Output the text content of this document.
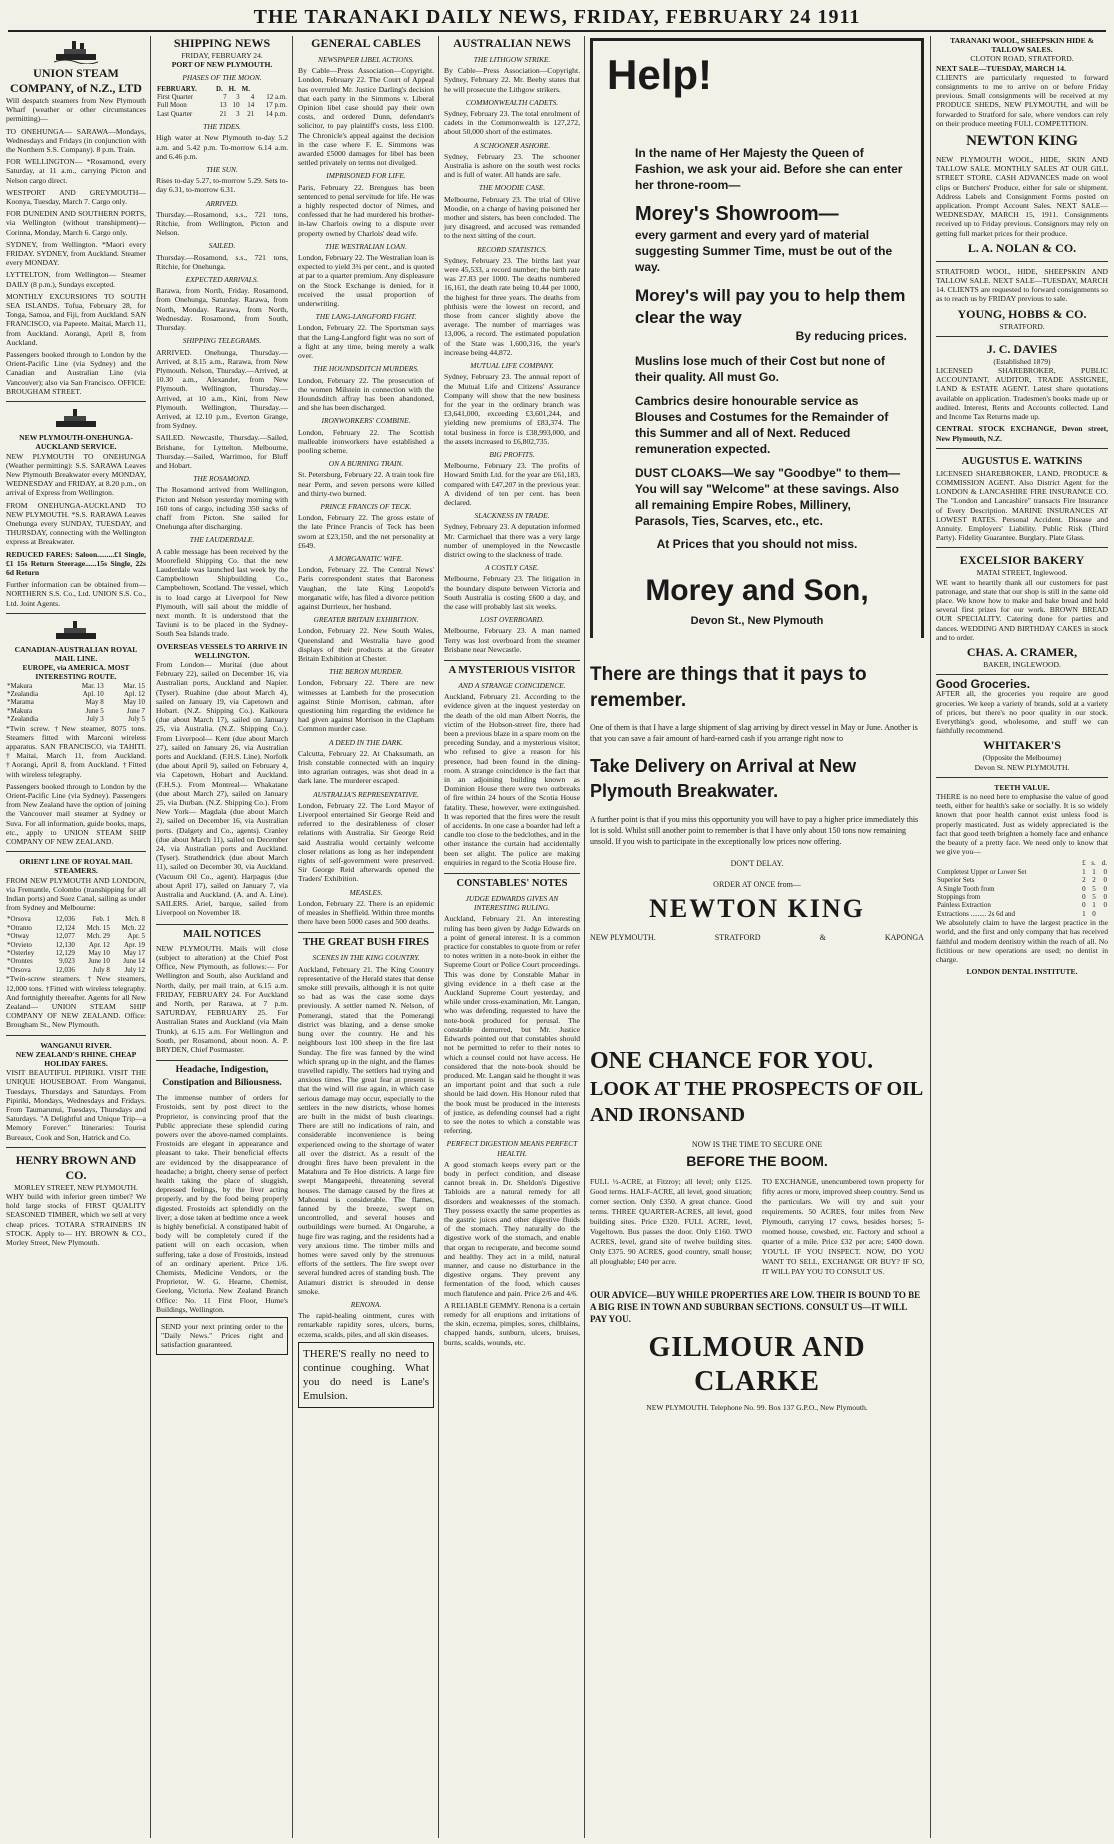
THE TARANAKI DAILY NEWS, FRIDAY, FEBRUARY 24 1911
UNION STEAM COMPANY, of N.Z., LTD

Will despatch steamers from New Plymouth Wharf (weather or other circumstances permitting)—

TO ONEHUNGA— SARAWA—Mondays, Wednesdays and Fridays (in conjunction with the Northern S.S. Company). 8 p.m. Train.

FOR WELLINGTON— *Rosamond, every Saturday, at 11 a.m., carrying Picton and Nelson cargo direct.

WESTPORT AND GREYMOUTH— Koonya, Tuesday, March 7. Cargo only.

FOR DUNEDIN AND SOUTHERN PORTS, via Wellington (without transhipment)— Corinna, Monday, March 6. Cargo only.

SYDNEY, from Wellington. *Maori every FRIDAY. SYDNEY, from Auckland. Steamer every MONDAY.

LYTTELTON, from Wellington— Steamer DAILY (8 p.m.), Sundays excepted.

MONTHLY EXCURSIONS TO SOUTH SEA ISLANDS. Tofua, February 28, for Tonga, Samoa, and Fiji, from Auckland. SAN FRANCISCO, via Papeete. Maitai, March 11, from Auckland. Aorangi, April 8, from Auckland.

Passengers booked through to London by the Orient-Pacific Line (via Sydney) and the Canadian and Australian Line (via Vancouver); also via San Francisco. OFFICE: BROUGHAM STREET.

NEW PLYMOUTH-ONEHUNGA-AUCKLAND SERVICE.

NEW PLYMOUTH TO ONEHUNGA (Weather permitting): S.S. SARAWA Leaves New Plymouth Breakwater every MONDAY, WEDNESDAY and FRIDAY, at 8.20 p.m., on arrival of Express from Wellington.

FROM ONEHUNGA-AUCKLAND TO NEW PLYMOUTH. *S.S. RARAWA Leaves Onehunga every SUNDAY, TUESDAY, and THURSDAY, connecting with the Wellington express at Breakwater.

REDUCED FARES: Saloon.........£1 Single, £1 15s Return Steerage......15s Single, 22s 6d Return

Further information can be obtained from— NORTHERN S.S. Co., Ltd. UNION S.S. Co., Ltd. Joint Agents.

CANADIAN-AUSTRALIAN ROYAL MAIL LINE.
EUROPE, via AMERICA. MOST INTERESTING ROUTE.
*Makura	Mar. 13	Mar. 15
*Zealandia	Apl. 10	Apl. 12
*Marama	May 8	May 10
*Makura	June 5	June 7
*Zealandia	July 3	July 5

*Twin screw. †New steamer, 8075 tons. Steamers fitted with Marconi wireless apparatus. SAN FRANCISCO, via TAHITI. †Maitai, March 11, from Auckland. †Aorangi, April 8, from Auckland. †Fitted with wireless telegraphy.

Passengers booked through to London by the Orient-Pacific Line (via Sydney). Passengers from New Zealand have the option of joining the Vancouver mail steamer at Sydney or Suva. For all information, guide books, maps, etc., apply to UNION STEAM SHIP COMPANY OF NEW ZEALAND.

ORIENT LINE OF ROYAL MAIL STEAMERS.

FROM NEW PLYMOUTH AND LONDON, via Fremantle, Colombo (transhipping for all Indian ports) and Suez Canal, sailing as under from Sydney and Melbourne:

*Orsova	12,036	Feb. 1	Mch. 8
*Otranto	12,124	Mch. 15	Mch. 22
*Otway	12,077	Mch. 29	Apr. 5
*Orvieto	12,130	Apr. 12	Apr. 19
*Osterley	12,129	May 10	May 17
*Orontes	9,023	June 10	June 14
*Orsova	12,036	July 8	July 12

*Twin-screw steamers. †New steamers, 12,000 tons. †Fitted with wireless telegraphy. And fortnightly thereafter. Agents for all New Zealand— UNION STEAM SHIP COMPANY OF NEW ZEALAND. Office: Brougham St., New Plymouth.

WANGANUI RIVER.
NEW ZEALAND'S RHINE. CHEAP HOLIDAY FARES.

VISIT BEAUTIFUL PIPIRIKI. VISIT THE UNIQUE HOUSEBOAT. From Wanganui, Tuesdays, Thursdays and Saturdays. From Pipiriki, Mondays, Wednesdays and Fridays. From Taumarunui, Tuesdays, Thursdays and Saturdays. "A Delightful and Unique Trip—a Memory Forever." Itineraries: Tourist Bureaux, Cook and Son, Hatrick and Co.

HENRY BROWN AND CO.
MORLEY STREET, NEW PLYMOUTH.

WHY build with inferior green timber? We hold large stocks of FIRST QUALITY SEASONED TIMBER, which we sell at very cheap prices. TOTARA STRAINERS IN STOCK. Apply to— HY. BROWN & CO., Morley Street, New Plymouth.

SHIPPING NEWS
FRIDAY, FEBRUARY 24.
PORT OF NEW PLYMOUTH.
PHASES OF THE MOON.
FEBRUARY.	D.	H.	M.	
First Quarter	7	3	4	12 a.m.
Full Moon	13	10	14	17 p.m.
Last Quarter	21	3	21	14 p.m.
THE TIDES.

High water at New Plymouth to-day 5.2 a.m. and 5.42 p.m. To-morrow 6.14 a.m. and 6.46 p.m.

THE SUN.

Rises to-day 5.27, to-morrow 5.29. Sets to-day 6.31, to-morrow 6.31.

ARRIVED.

Thursday.—Rosamond, s.s., 721 tons, Ritchie, from Wellington, Picton and Nelson.

SAILED.

Thursday.—Rosamond, s.s., 721 tons, Ritchie, for Onehunga.

EXPECTED ARRIVALS.

Rarawa, from North, Friday. Rosamond, from Onehunga, Saturday. Rarawa, from North, Monday. Rarawa, from North, Wednesday. Rosamond, from South, Thursday.

SHIPPING TELEGRAMS.

ARRIVED. Onehunga, Thursday.—Arrived, at 8.15 a.m., Rarawa, from New Plymouth. Nelson, Thursday.—Arrived, at 10.30 a.m., Alexander, from New Plymouth. Wellington, Thursday.—Arrived, at 10 a.m., Kini, from New Plymouth. Wellington, Thursday.—Arrived, at 12.10 p.m., Everton Grange, from Sydney.

SAILED. Newcastle, Thursday.—Sailed, Brisbane, for Lyttelton. Melbourne, Thursday.—Sailed, Warrimoo, for Bluff and Hobart.

THE ROSAMOND.

The Rosamond arrived from Wellington, Picton and Nelson yesterday morning with 160 tons of cargo, including 350 sacks of chaff from Picton. She sailed for Onehunga after discharging.

THE LAUDERDALE.

A cable message has been received by the Moorefield Shipping Co. that the new Lauderdale was launched last week by the Campbeltown Shipbuilding Co., Campbeltown, Scotland. The vessel, which is to load cargo at Liverpool for New Plymouth, will sail about the middle of next month. It is understood that the Taviuni is to be placed in the Sydney-South Sea Islands trade.

OVERSEAS VESSELS TO ARRIVE IN WELLINGTON.

From London— Muritai (due about February 22), sailed on December 16, via Australian ports, Auckland and Napier. (Tyser). Ruahine (due about March 4), sailed on January 19, via Capetown and Hobart. (N.Z. Shipping Co.). Kaikoura (due about March 17), sailed on January 25, via Australia. (N.Z. Shipping Co.). From Liverpool— Kent (due about March 27), sailed on January 26, via Australian ports and Auckland. (F.H.S. Line). Norfolk (due about April 9), sailed on February 4, via Capetown, Hobart and Auckland. (F.H.S.). From Montreal— Whakatane (due about March 27), sailed on January 25, via Durban. (N.Z. Shipping Co.). From New York— Magdala (due about March 2), sailed on December 16, via Australian ports. (Dalgety and Co., agents). Cranley (due about March 11), sailed on December 24, via Australian ports and Auckland. (Tyser). Strathendrick (due about March 11), sailed on December 30, via Auckland. (Vacuum Oil Co., agent). Harpagus (due about April 17), sailed on January 7, via Australia and Auckland. (A. and A. Line). SAILERS. Ariel, barque, sailed from Liverpool on November 18.

MAIL NOTICES

NEW PLYMOUTH. Mails will close (subject to alteration) at the Chief Post Office, New Plymouth, as follows:— For Wellington and South, also Auckland and North, daily, per mail train, at 6.15 a.m. FRIDAY, FEBRUARY 24. For Auckland and North, per Rarawa, at 7 p.m. SATURDAY, FEBRUARY 25. For Australian States and Auckland (via Main Trunk), at 6.15 a.m. For Wellington and South, per Rosamond, about noon. A. P. BRYDEN, Chief Postmaster.

Headache, Indigestion, Constipation and Biliousness.

The immense number of orders for Frostoids, sent by post direct to the Proprietor, is convincing proof that the Public appreciate these splendid curing powers over the above-named complaints. Frostoids are elegant in appearance and pleasant to take. Their beneficial effects are evidenced by the disappearance of headache; a bright, cheery sense of perfect health taking the place of sluggish, depressed feelings, by the liver acting properly, and by the food being properly digested. Frostoids act splendidly on the liver; a dose taken at bedtime once a week is highly beneficial. A constipated habit of body will be completely cured if the patient will on each occasion, when suffering, take a dose of Frostoids, instead of an ordinary aperient. Price 1/6. Chemists, Medicine Vendors, or the Proprietor, W. G. Hearne, Chemist, Geelong, Victoria. New Zealand Branch Office: No. 11 First Floor, Hume's Buildings, Wellington.

SEND your next printing order to the "Daily News." Prices right and satisfaction guaranteed.

GENERAL CABLES
NEWSPAPER LIBEL ACTIONS.

By Cable—Press Association—Copyright. London, February 22. The Court of Appeal has overruled Mr. Justice Darling's decision that each party in the Simmons v. Liberal Opinion libel case should pay their own costs, and ordered Dunn, defendant's solicitor, to pay plaintiff's costs, less £100. The Chronicle's appeal against the decision in the case where F. E. Simmons was awarded £5000 damages for libel has been settled privately on terms not divulged.

IMPRISONED FOR LIFE.

Paris, February 22. Brengues has been sentenced to penal servitude for life. He was a highly respected doctor of Nimes, and confessed that he had murdered his brother-in-law Charlois owing to a dispute over property owned by Charlois' dead wife.

THE WESTRALIAN LOAN.

London, February 22. The Westralian loan is expected to yield 3¾ per cent., and is quoted at par to a quarter premium. Any displeasure on the Stock Exchange is denied, for it received the usual proportion of underwriting.

THE LANG-LANGFORD FIGHT.

London, February 22. The Sportsman says that the Lang-Langford fight was no sort of a fight at any time, being merely a walk over.

THE HOUNDSDITCH MURDERS.

London, February 22. The prosecution of the women Milstein in connection with the Houndsditch affray has been abandoned, and she has been discharged.

IRONWORKERS' COMBINE.

London, February 22. The Scottish malleable ironworkers have established a pooling scheme.

ON A BURNING TRAIN.

St. Petersburg, February 22. A train took fire near Perm, and seven persons were killed and thirty-two burned.

PRINCE FRANCIS OF TECK.

London, February 22. The gross estate of the late Prince Francis of Teck has been sworn at £23,150, and the net personality at £649.

A MORGANATIC WIFE.

London, February 22. The Central News' Paris correspondent states that Baroness Vaughan, the late King Leopold's morganatic wife, has filed a divorce petition against Durrieux, her husband.

GREATER BRITAIN EXHIBITION.

London, February 22. New South Wales, Queensland and Westralia have good displays of their products at the Greater Britain Exhibition at Chester.

THE BERON MURDER.

London, February 22. There are new witnesses at Lambeth for the prosecution against Stinie Morrison, cabman, after questioning him regarding the evidence he had given against Morrison in the Clapham Common murder case.

A DEED IN THE DARK.

Calcutta, February 22. At Chaksumath, an Irish constable connected with an inquiry into agrarian outrages, was shot dead in a dark lane. The murderer escaped.

AUSTRALIA'S REPRESENTATIVE.

London, February 22. The Lord Mayor of Liverpool entertained Sir George Reid and referred to the desirableness of closer relations with Australia. Sir George Reid said Australia would certainly welcome closer relations as long as her independent rights of self-government were preserved. Sir George Reid afterwards opened the Traders' Exhibition.

MEASLES.

London, February 22. There is an epidemic of measles in Sheffield. Within three months there have been 5000 cases and 500 deaths.

THE GREAT BUSH FIRES
SCENES IN THE KING COUNTRY.

Auckland, February 21. The King Country representative of the Herald states that dense smoke still prevails, although it is not quite so bad as was the case some days previously. A settler named N. Nelson, of Pomerangi, stated that the Pomerangi district was blazing, and a dense smoke hung over the country. He and his neighbours lost 100 sheep in the fire last Sunday. The fire was fanned by the wind which sprang up in the night, and the flames travelled rapidly. The settlers had trying and anxious times. The great fear at present is that the wind will rise again, in which case serious damage may occur, especially to the settlers in the new districts, whose homes are built in the midst of bush clearings. There are still no indications of rain, and considerable inconvenience is being experienced owing to the shortage of water all over the district. As a result of the drought fires have been prevalent in the Matahura and Te Hoe districts. A large fire swept Mangapeehi, threatening several houses. The damage caused by the fires at Mahoenui is considerable. The flames, fanned by the breeze, swept on uncontrolled, and several houses and outbuildings were burned. At Ongaruhe, a huge fire was raging, and the residents had a very anxious time. The timber mills and homes were saved only by the strenuous efforts of the settlers. The fire swept over several hundred acres of standing bush. The Atiamuri district is shrouded in dense smoke.

RENONA.

The rapid-healing ointment, cures with remarkable rapidity sores, ulcers, burns, eczema, scalds, piles, and all skin diseases.

THERE'S really no need to continue coughing. What you do need is Lane's Emulsion.

AUSTRALIAN NEWS
THE LITHGOW STRIKE.

By Cable—Press Association—Copyright. Sydney, February 22. Mr. Beeby states that he will prosecute the Lithgow strikers.

COMMONWEALTH CADETS.

Sydney, February 23. The total enrolment of cadets in the Commonwealth is 127,272, about 50,000 short of the estimates.

A SCHOONER ASHORE.

Sydney, February 23. The schooner Australia is ashore on the south west rocks and is full of water. All hands are safe.

THE MOODIE CASE.

Melbourne, February 23. The trial of Olive Moodie, on a charge of having poisoned her mother and sisters, has been concluded. The jury disagreed, and accused was remanded to the next sitting of the court.

RECORD STATISTICS.

Sydney, February 23. The births last year were 45,533, a record number; the birth rate was 27.83 per 1000. The deaths numbered 16,161, the death rate being 10.44 per 1000, the highest for three years. The deaths from phthisis were the lowest on record, and those from cancer slightly above the average. The number of marriages was 13,006, a record. The estimated population of the State was 1,600,316, the year's increase being 44,872.

MUTUAL LIFE COMPANY.

Sydney, February 23. The annual report of the Mutual Life and Citizens' Assurance Company will show that the new business for the year in the ordinary branch was £3,641,000, exceeding £3,601,244, and yielding new premiums of £83,374. The total business in force is £38,993,000, and the assets increased to £6,802,735.

BIG PROFITS.

Melbourne, February 23. The profits of Howard Smith Ltd. for the year are £61,183, compared with £47,207 in the previous year. A dividend of ten per cent. has been declared.

SLACKNESS IN TRADE.

Sydney, February 23. A deputation informed Mr. Carmichael that there was a very large number of unemployed in the Newcastle district owing to the slackness of trade.

A COSTLY CASE.

Melbourne, February 23. The litigation in the boundary dispute between Victoria and South Australia is costing £600 a day, and the case will probably last six weeks.

LOST OVERBOARD.

Melbourne, February 23. A man named Terry was lost overboard from the steamer Brisbane near Newcastle.

A MYSTERIOUS VISITOR
AND A STRANGE COINCIDENCE.

Auckland, February 21. According to the evidence given at the inquest yesterday on the death of the old man Albert Norris, the victim of the Hobson-street fire, there had been a previous blaze in a spare room on the preceding Sunday, and a mysterious visitor, who refused to give a reason for his presence, had been found in the dining-room. A strange coincidence is the fact that in an adjoining building known as Dominion House there were two outbreaks of fire within 24 hours of the Scotia House fatality. These, however, were extinguished. It was reported that the fires were the result of accidents. In one case a boarder had left a candle too close to the bedclothes, and in the other instance the curtain had accidentally been set alight. The police are making enquiries in regard to the Scotia House fire.

CONSTABLES' NOTES
JUDGE EDWARDS GIVES AN INTERESTING RULING.

Auckland, February 21. An interesting ruling has been given by Judge Edwards on a point of general interest. It is a common practice for constables to quote from or refer to notes written in a note-book in either the Supreme Court or Police Court proceedings. This was done by Constable Mahar in giving evidence in a theft case at the Auckland Supreme Court yesterday, and while under cross-examination, Mr. Langan, who was defending, requested to have the note-book produced for perusal. The constable demurred, but Mr. Justice Edwards pointed out that constables should not be permitted to refer to their notes to which a counsel could not have access. He considered that the note-book should be produced. Mr. Langan said he thought it was an important point and that such a rule should be laid down. His Honour ruled that the book must be produced in the interests of justice, as defending counsel had a right to see the notes to which a constable was referring.

PERFECT DIGESTION MEANS PERFECT HEALTH.

A good stomach keeps every part or the body in perfect condition, and disease cannot break in. Dr. Sheldon's Digestive Tabloids are a natural remedy for all disorders and weaknesses of the stomach. They possess exactly the same properties as the gastric juices and other digestive fluids of the stomach. They naturally do the digestive work of the stomach, and enable that organ to recuperate, and become sound and healthy. They act in a mild, natural manner, and cause no disturbance in the digestive organs. They prevent any fermentation of the food, which causes much flatulence and pain. Price 2/6 and 4/6.

A RELIABLE GEMMY. Renona is a certain remedy for all eruptions and irritations of the skin, eczema, pimples, sores, chilblains, chapped hands, sunburn, ulcers, bruises, burns, scalds, wounds, etc.

Help!

In the name of Her Majesty the Queen of Fashion, we ask your aid. Before she can enter her throne-room—

Morey's Showroom—

every garment and every yard of material suggesting Summer Time, must be out of the way.

Morey's will pay you to help them clear the way
By reducing prices.

Muslins lose much of their Cost but none of their quality. All must Go.

Cambrics desire honourable service as Blouses and Costumes for the Remainder of this Summer and all of Next. Reduced remuneration expected.

DUST CLOAKS—We say "Goodbye" to them—You will say "Welcome" at these savings. Also all remaining Empire Robes, Millinery, Parasols, Ties, Scarves, etc., etc.

At Prices that you should not miss.
Morey and Son,
Devon St., New Plymouth
There are things that it pays to remember.

One of them is that I have a large shipment of slag arriving by direct vessel in May or June. Another is that you can save a fair amount of hard-earned cash if you arrange right now to

Take Delivery on Arrival at New Plymouth Breakwater.

A further point is that if you miss this opportunity you will have to pay a higher price immediately this lot is sold. Whilst still another point to remember is that I have only about 150 tons now remaining unsold. If you wish to participate in the exceptionally low prices now offering.

DON'T DELAY.
ORDER AT ONCE from—
NEWTON KING
NEW PLYMOUTH.	STRATFORD	&	KAPONGA
ONE CHANCE FOR YOU.
LOOK AT THE PROSPECTS OF OIL AND IRONSAND
NOW IS THE TIME TO SECURE ONE
BEFORE THE BOOM.

FULL ½-ACRE, at Fitzroy; all level; only £125. Good terms. HALF-ACRE, all level, good situation; corner section. Only £350. A great chance. Good terms. THREE QUARTER-ACRES, all level, good building sites. Price £320. FULL ACRE, level, Vogeltown. Bus passes the door. Only £160. TWO ACRES, level, grand site of twelve building sites. Only £375. 90 ACRES, good country, small house; all ploughable; £40 per acre.

TO EXCHANGE, unencumbered town property for fifty acres or more, improved sheep country. Send us the particulars. We will try and suit your requirements. 50 ACRES, four miles from New Plymouth, carrying 17 cows, besides horses; 5-roomed house, cowshed, etc. Factory and school a quarter of a mile. Price £32 per acre; £400 down. YOU'LL IF YOU INSPECT. NOW, DO YOU WANT TO SELL, EXCHANGE OR BUY? IF SO, IT WILL PAY YOU TO CONSULT US.

OUR ADVICE—BUY WHILE PROPERTIES ARE LOW. THEIR IS BOUND TO BE A BIG RISE IN TOWN AND SUBURBAN SECTIONS. CONSULT US—IT WILL PAY YOU.

GILMOUR AND CLARKE
NEW PLYMOUTH. Telephone No. 99. Box 137 G.P.O., New Plymouth.
TARANAKI WOOL, SHEEPSKIN HIDE & TALLOW SALES.
CLOTON ROAD, STRATFORD.
NEXT SALE—TUESDAY, MARCH 14.

CLIENTS are particularly requested to forward consignments to me to arrive on or before Friday previous. Small consignments will be received at my PRODUCE SHEDS, NEW PLYMOUTH, and will be forwarded to Stratford for sale, where vendors can rely on their produce meeting FULL COMPETITION.

NEWTON KING

NEW PLYMOUTH WOOL, HIDE, SKIN AND TALLOW SALE. MONTHLY SALES AT OUR GILL STREET STORE. CASH ADVANCES made on wool clips or Butchers' Produce, either for sale or shipment. Address Labels and Consignment Forms posted on application. Prompt Account Sales. NEXT SALE—WEDNESDAY, MARCH 15, 1911. Consignments received up to Friday previous. Consignors may rely on getting full market prices for their produce.

L. A. NOLAN & CO.

STRATFORD WOOL, HIDE, SHEEPSKIN AND TALLOW SALE. NEXT SALE—TUESDAY, MARCH 14. CLIENTS are requested to forward consignments so as to reach us by FRIDAY previous to sale.

YOUNG, HOBBS & CO.
STRATFORD.
J. C. DAVIES
(Established 1879)

LICENSED SHAREBROKER, PUBLIC ACCOUNTANT, AUDITOR, TRADE ASSIGNEE, LAND & ESTATE AGENT. Latest share quotations available on application. Tradesmen's books made up or audited. Interest, Rents and Accounts collected. Land and Income Tax Returns made up.

CENTRAL STOCK EXCHANGE, Devon street, New Plymouth, N.Z.

AUGUSTUS E. WATKINS

LICENSED SHAREBROKER, LAND, PRODUCE & COMMISSION AGENT. Also District Agent for the LONDON & LANCASHIRE FIRE INSURANCE CO. The "London and Lancashire" transacts Fire Insurance of Every Description. MARINE INSURANCES AT LOWEST RATES. Personal Accident. Disease and Annuity. Employers' Liability. Public Risk (Third Party). Fidelity Guarantee. Burglary. Plate Glass.

EXCELSIOR BAKERY
MATAI STREET, Inglewood.

WE want to heartily thank all our customers for past patronage, and state that our shop is still in the same old place. We know how to make and bake bread and hold several first prizes for our work. BROWN BREAD OUR SPECIALITY. Catering done for parties and dances. WEDDING AND BIRTHDAY CAKES in stock and to order.

CHAS. A. CRAMER,
BAKER, INGLEWOOD.
Good Groceries.

AFTER all, the groceries you require are good groceries. We keep a variety of brands, sold at a variety of prices, but there's no poor quality in our stock. Everything's good, wholesome, and stuff we can faithfully recommend.

WHITAKER'S
(Opposite the Melbourne)
Devon St. NEW PLYMOUTH.
TEETH VALUE.

THERE is no need here to emphasise the value of good teeth, either for health's sake or socially. It is so widely known that poor health cannot exist unless food is properly masticated. Just as widely appreciated is the fact that good teeth brighten a homely face and enhance the beauty of a pretty face. We need only to know that we give you—

	£	s.	d.
Completest Upper or Lower Set	1	1	0
Superior Sets	2	2	0
A Single Tooth from	0	5	0
Stoppings from	0	5	0
Painless Extraction	0	1	0
Extractions ......... 2s 6d and	1	0	

We absolutely claim to have the largest practice in the world, and the first and only company that has received faithful and modern dentistry within the reach of all. No fictitious or new operations are used; no dentist in charge.

LONDON DENTAL INSTITUTE.
